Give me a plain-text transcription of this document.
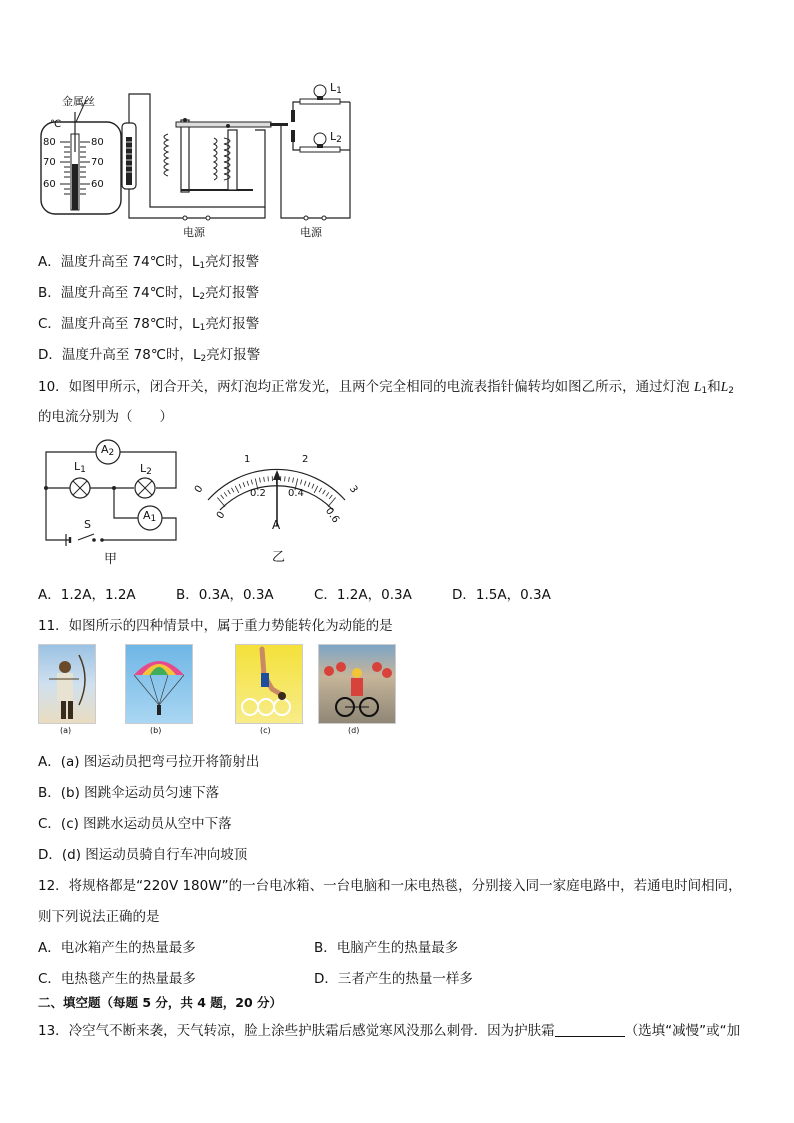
金属丝
℃
80
70
60
80
70
60
电源	电源
$L_1$
$L_2$
A．温度升高至 74℃时，$L_1$亮灯报警
B．温度升高至 74℃时，$L_2$亮灯报警
C．温度升高至 78℃时，$L_1$亮灯报警
D．温度升高至 78℃时，$L_2$亮灯报警
10．如图甲所示，闭合开关，两灯泡均正常发光，且两个完全相同的电流表指针偏转均如图乙所示，通过灯泡 $L_1$和$L_2$
的电流分别为（　　）
$A_2$
$A_1$
$L_1$	$L_2$
S
甲
0
1	2
3
0
0.2 0.4
0.6
A
乙
A．1.2A，1.2A	B．0.3A，0.3A	C．1.2A，0.3A	D．1.5A，0.3A
11．如图所示的四种情景中，属于重力势能转化为动能的是
(a)	(b)	(c)	(d)
A．(a) 图运动员把弯弓拉开将箭射出
B．(b) 图跳伞运动员匀速下落
C．(c) 图跳水运动员从空中下落
D．(d) 图运动员骑自行车冲向坡顶
12．将规格都是“220V 180W”的一台电冰箱、一台电脑和一床电热毯，分别接入同一家庭电路中，若通电时间相同，
则下列说法正确的是
A．电冰箱产生的热量最多	B．电脑产生的热量最多
C．电热毯产生的热量最多	D．三者产生的热量一样多
二、填空题（每题 5 分，共 4 题，20 分）
13．冷空气不断来袭，天气转凉，脸上涂些护肤霜后感觉寒风没那么刺骨．因为护肤霜	（选填“减慢”或“加
